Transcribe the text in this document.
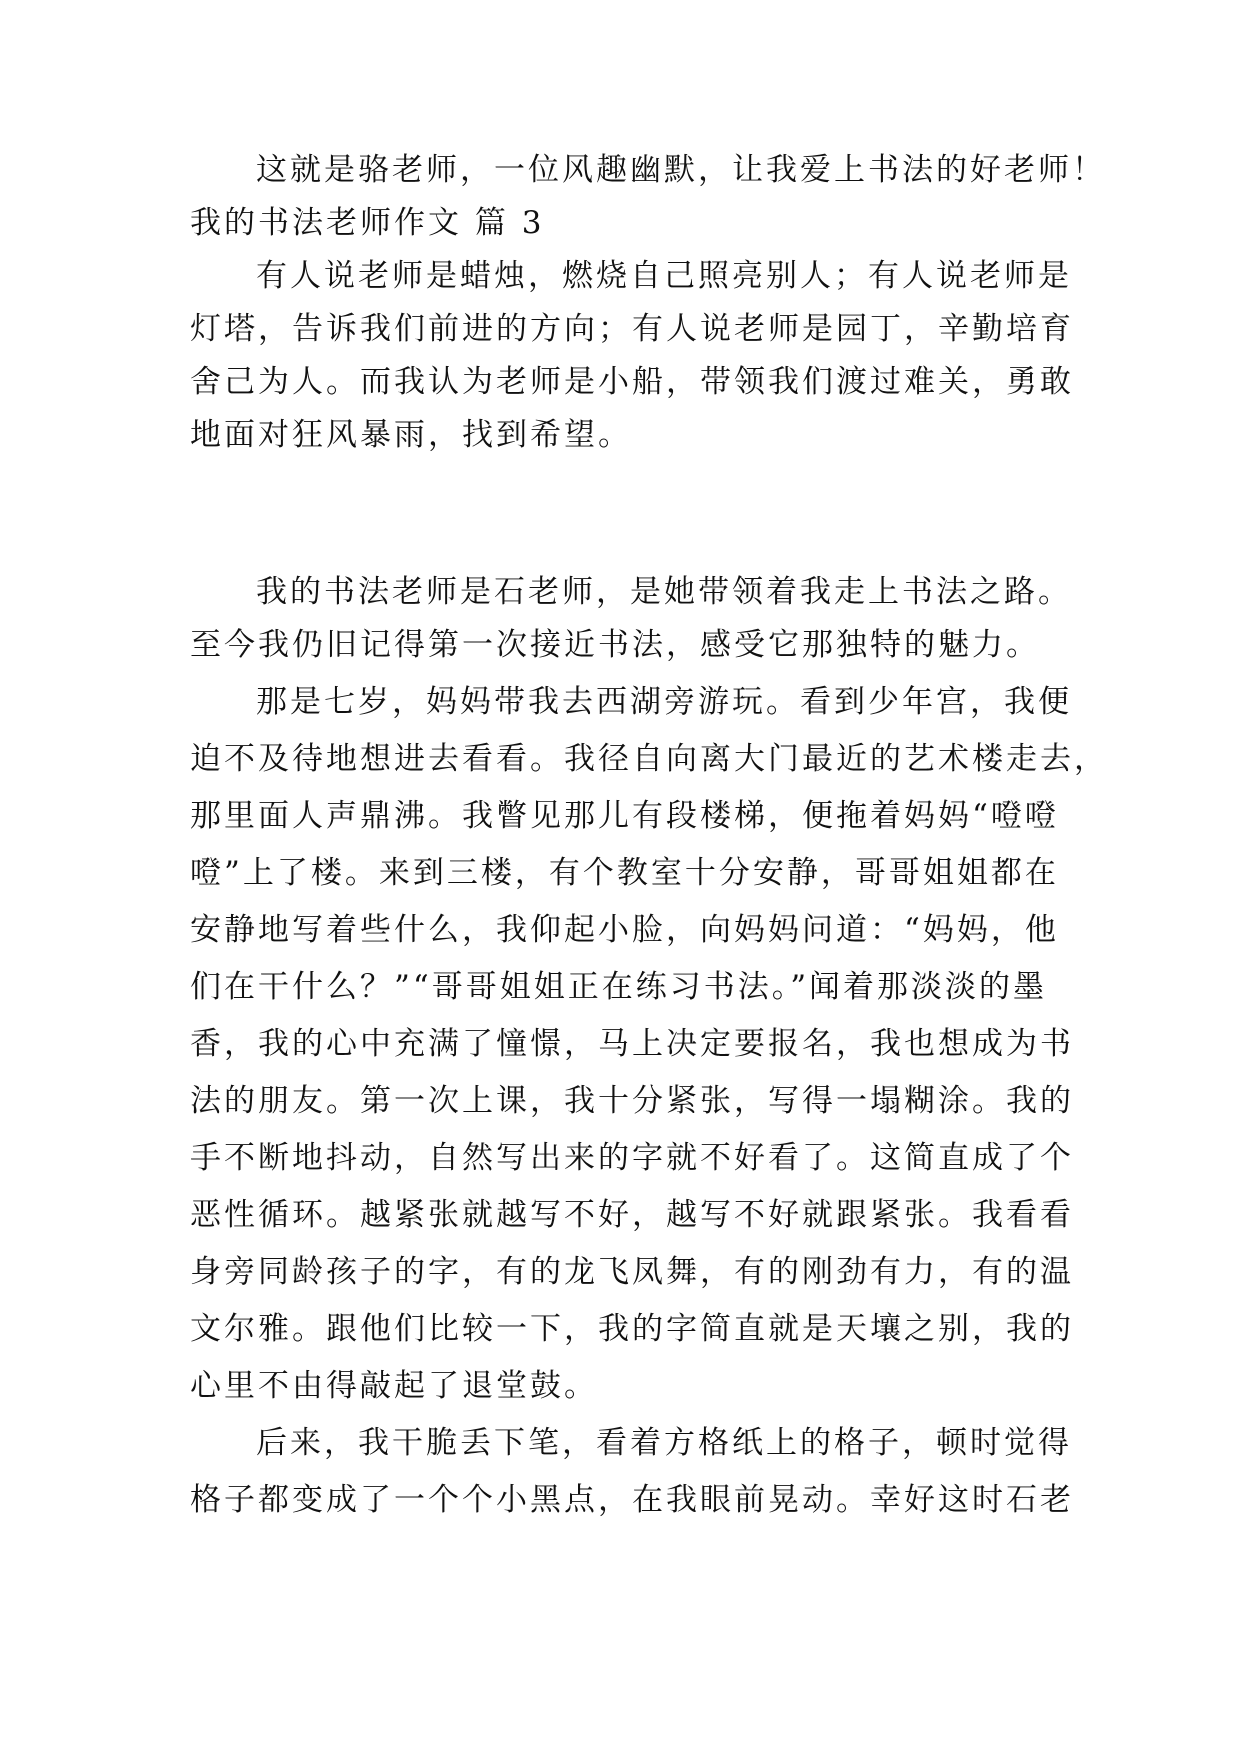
这就是骆老师，一位风趣幽默，让我爱上书法的好老师！
我的书法老师作文 篇 3
有人说老师是蜡烛，燃烧自己照亮别人；有人说老师是
灯塔，告诉我们前进的方向；有人说老师是园丁，辛勤培育
舍己为人。而我认为老师是小船，带领我们渡过难关，勇敢
地面对狂风暴雨，找到希望。
我的书法老师是石老师，是她带领着我走上书法之路。
至今我仍旧记得第一次接近书法，感受它那独特的魅力。
那是七岁，妈妈带我去西湖旁游玩。看到少年宫，我便
迫不及待地想进去看看。我径自向离大门最近的艺术楼走去，
那里面人声鼎沸。我瞥见那儿有段楼梯，便拖着妈妈“噔噔
噔”上了楼。来到三楼，有个教室十分安静，哥哥姐姐都在
安静地写着些什么，我仰起小脸，向妈妈问道：“妈妈，他
们在干什么？”“哥哥姐姐正在练习书法。”闻着那淡淡的墨
香，我的心中充满了憧憬，马上决定要报名，我也想成为书
法的朋友。第一次上课，我十分紧张，写得一塌糊涂。我的
手不断地抖动，自然写出来的字就不好看了。这简直成了个
恶性循环。越紧张就越写不好，越写不好就跟紧张。我看看
身旁同龄孩子的字，有的龙飞凤舞，有的刚劲有力，有的温
文尔雅。跟他们比较一下，我的字简直就是天壤之别，我的
心里不由得敲起了退堂鼓。
后来，我干脆丢下笔，看着方格纸上的格子，顿时觉得
格子都变成了一个个小黑点，在我眼前晃动。幸好这时石老
